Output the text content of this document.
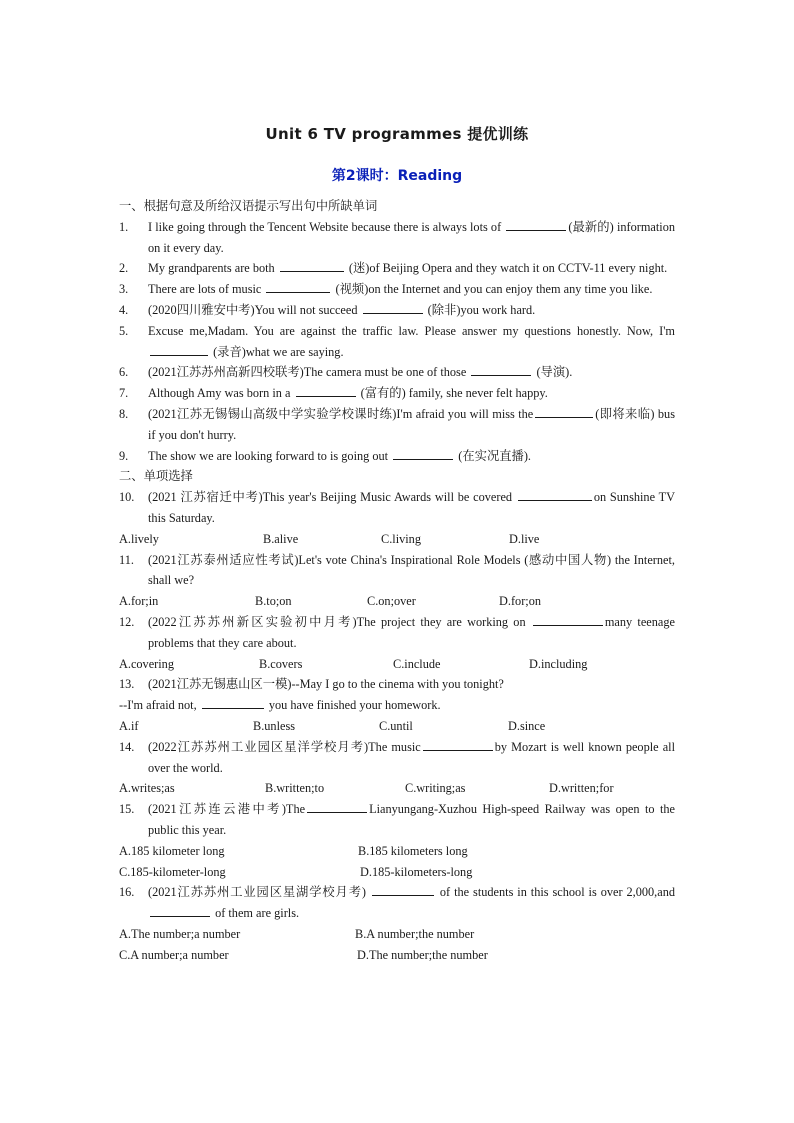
Unit 6 TV programmes 提优训练
第2课时：Reading
一、根据句意及所给汉语提示写出句中所缺单词
1. I like going through the Tencent Website because there is always lots of	(最新的) information on it every day.
2. My grandparents are both	(迷)of Beijing Opera and they watch it on CCTV-11 every night.
3. There are lots of music	(视频)on the Internet and you can enjoy them any time you like.
4. (2020四川雅安中考)You will not succeed	(除非)you work hard.
5. Excuse me,Madam. You are against the traffic law. Please answer my questions honestly. Now, I'm (录音)what we are saying.
6. (2021江苏苏州高新四校联考)The camera must be one of those	(导演).
7. Although Amy was born in a	(富有的) family, she never felt happy.
8. (2021江苏无锡锡山高级中学实验学校课时练)I'm afraid you will miss the	(即将来临) bus if you don't hurry.
9. The show we are looking forward to is going out	(在实况直播).
二、单项选择
10. (2021 江苏宿迁中考)This year's Beijing Music Awards will be covered	on Sunshine TV this Saturday.
A.lively	B.alive	C.living	D.live
11. (2021江苏泰州适应性考试)Let's vote China's Inspirational Role Models (感动中国人物) the Internet, shall we?
A.for;in	B.to;on	C.on;over	D.for;on
12. (2022江苏苏州新区实验初中月考)The project they are working on	many teenage problems that they care about.
A.covering	B.covers	C.include	D.including
13. (2021江苏无锡惠山区一模)--May I go to the cinema with you tonight?
--I'm afraid not,	you have finished your homework.
A.if	B.unless	C.until	D.since
14. (2022江苏苏州工业园区星洋学校月考)The music	by Mozart is well known people all over the world.
A.writes;as	B.written;to	C.writing;as	D.written;for
15. (2021江苏连云港中考)The	Lianyungang-Xuzhou High-speed Railway was open to the public this year.
A.185 kilometer long	B.185 kilometers long
C.185-kilometer-long	D.185-kilometers-long
16. (2021江苏苏州工业园区星湖学校月考)	of the students in this school is over 2,000,and of them are girls.
A.The number;a number	B.A number;the number
C.A number;a number	D.The number;the number
